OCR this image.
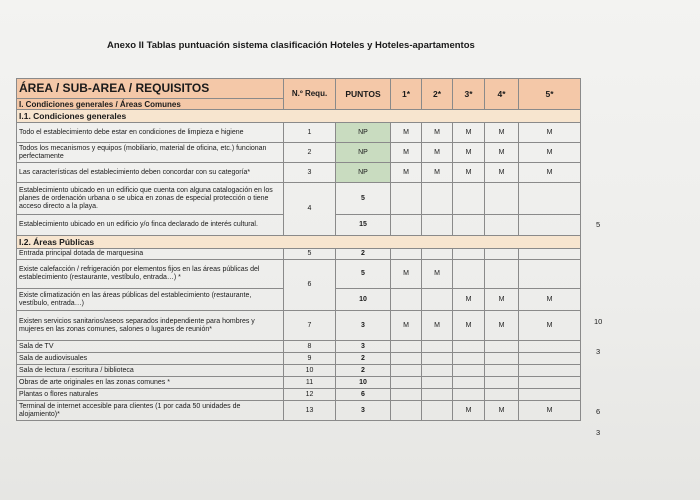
Anexo II Tablas puntuación sistema clasificación Hoteles y Hoteles-apartamentos
ÁREA / SUB-AREA / REQUISITOS	N.º Requ.	PUNTOS	1*	2*	3*	4*	5*
I. Condiciones generales / Áreas Comunes							
I.1. Condiciones generales							
Todo el establecimiento debe estar en condiciones de limpieza e higiene	1	NP	M	M	M	M	M
Todos los mecanismos y equipos (mobiliario, material de oficina, etc.) funcionan perfectamente	2	NP	M	M	M	M	M
Las características del establecimiento deben concordar con su categoría*	3	NP	M	M	M	M	M
Establecimiento ubicado en un edificio que cuenta con alguna catalogación en los planes de ordenación urbana o se ubica en zonas de especial protección o tiene acceso directo a la playa.	4	5					
Establecimiento ubicado en un edificio y/o finca declarado de interés cultural.		15					
I.2. Áreas Públicas							
Entrada principal dotada de marquesina	5	2					
Existe calefacción / refrigeración por elementos fijos en las áreas públicas del establecimiento (restaurante, vestíbulo, entrada…) *	6	5	M	M			
Existe climatización en las áreas públicas del establecimiento (restaurante, vestíbulo, entrada…)		10			M	M	M
Existen servicios sanitarios/aseos separados independiente para hombres y mujeres en las zonas comunes, salones o lugares de reunión*	7	3	M	M	M	M	M
Sala de TV	8	3					
Sala de audiovisuales	9	2					
Sala de lectura / escritura / biblioteca	10	2					
Obras de arte originales en las zonas comunes *	11	10					
Plantas o flores naturales	12	6					
Terminal de internet accesible para clientes (1 por cada 50 unidades de alojamiento)*	13	3			M	M	M
5
10
3
6
3
